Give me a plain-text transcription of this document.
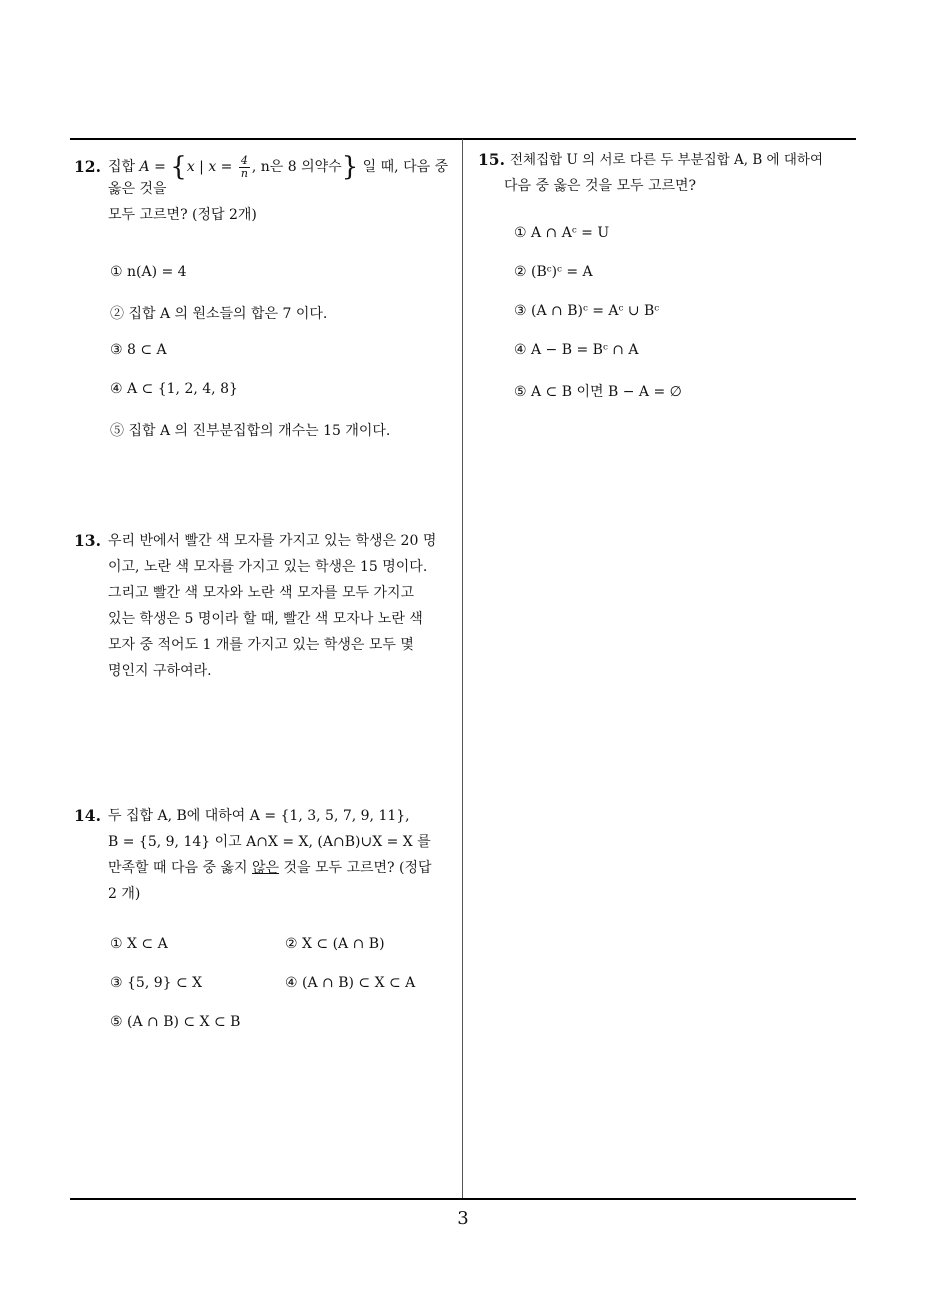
12. 집합 A = {x | $x = \frac{4}{n}$ , n은 8 의약수} 일 때, 다음 중
옳은 것을
모두 고르면? (정답 2개)
① n(A) = 4
② 집합 A 의 원소들의 합은 7 이다.
③ 8 ⊂ A
④ A ⊂ {1, 2, 4, 8}
⑤ 집합 A 의 진부분집합의 개수는 15 개이다.
13. 우리 반에서 빨간 색 모자를 가지고 있는 학생은 20 명
이고, 노란 색 모자를 가지고 있는 학생은 15 명이다.
그리고 빨간 색 모자와 노란 색 모자를 모두 가지고
있는 학생은 5 명이라 할 때, 빨간 색 모자나 노란 색
모자 중 적어도 1 개를 가지고 있는 학생은 모두 몇
명인지 구하여라.
14. 두 집합 A, B에 대하여 A = {1, 3, 5, 7, 9, 11},
B = {5, 9, 14} 이고 A∩X = X, (A∩B)∪X = X 를
만족할 때 다음 중 옳지 않은 것을 모두 고르면? (정답
2 개)
① X ⊂ A	② X ⊂ (A ∩ B)
③ {5, 9} ⊂ X	④ (A ∩ B) ⊂ X ⊂ A
⑤ (A ∩ B) ⊂ X ⊂ B
15. 전체집합 U 의 서로 다른 두 부분집합 A, B 에 대하여
다음 중 옳은 것을 모두 고르면?
① A ∩ Aᶜ = U
② (Bᶜ)ᶜ = A
③ (A ∩ B)ᶜ = Aᶜ ∪ Bᶜ
④ A − B = Bᶜ ∩ A
⑤ A ⊂ B 이면 B − A = ∅
3
